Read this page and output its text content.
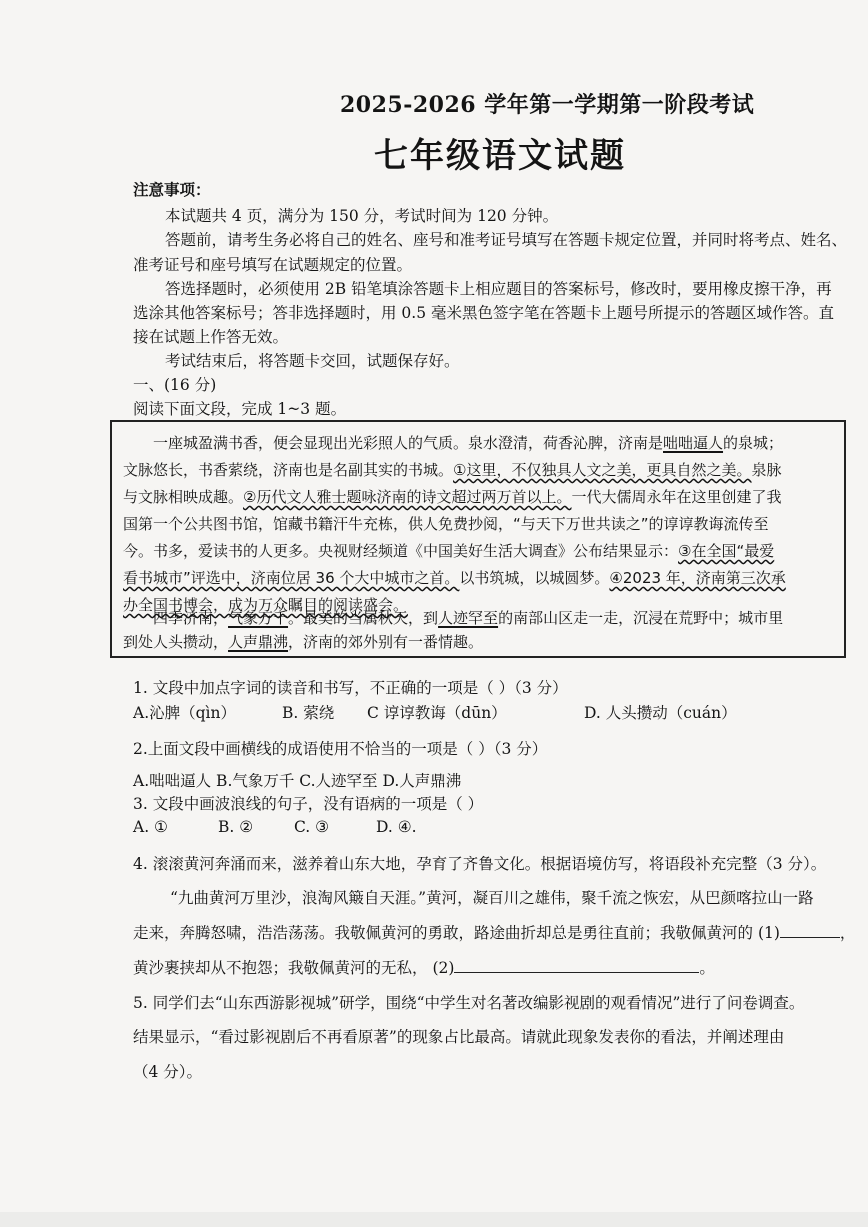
2025-2026 学年第一学期第一阶段考试
七年级语文试题
注意事项：
本试题共 4 页，满分为 150 分，考试时间为 120 分钟。
答题前，请考生务必将自己的姓名、座号和准考证号填写在答题卡规定位置，并同时将考点、姓名、
准考证号和座号填写在试题规定的位置。
答选择题时，必须使用 2B 铅笔填涂答题卡上相应题目的答案标号，修改时，要用橡皮擦干净，再
选涂其他答案标号；答非选择题时，用 0.5 毫米黑色签字笔在答题卡上题号所提示的答题区域作答。直
接在试题上作答无效。
考试结束后，将答题卡交回，试题保存好。
一、(16 分)
阅读下面文段，完成 1~3 题。
一座城盈满书香，便会显现出光彩照人的气质。泉水澄清，荷香沁脾，济南是咄咄逼人的泉城；
文脉悠长，书香萦绕，济南也是名副其实的书城。①这里，不仅独具人文之美，更具自然之美。泉脉
与文脉相映成趣。②历代文人雅士题咏济南的诗文超过两万首以上。一代大儒周永年在这里创建了我
国第一个公共图书馆，馆藏书籍汗牛充栋，供人免费抄阅，“与天下万世共读之”的谆谆教诲流传至
今。书多，爱读书的人更多。央视财经频道《中国美好生活大调查》公布结果显示：③在全国“最爱
看书城市”评选中，济南位居 36 个大中城市之首。以书筑城，以城圆梦。④2023 年，济南第三次承
办全国书博会，成为万众瞩目的阅读盛会。
四季济南，气象万千。最美的当属秋天，到人迹罕至的南部山区走一走，沉浸在荒野中；城市里
到处人头攒动，人声鼎沸，济南的郊外别有一番情趣。
1. 文段中加点字词的读音和书写，不正确的一项是（ ）（3 分）
A.沁脾（qìn）	B. 萦绕 C 谆谆教诲（dūn）	D. 人头攒动（cuán）
2.上面文段中画横线的成语使用不恰当的一项是（ ）（3 分）
A.咄咄逼人 B.气象万千 C.人迹罕至 D.人声鼎沸
3. 文段中画波浪线的句子，没有语病的一项是（ ）
A. ①	B. ②	C. ③	D. ④.
4. 滚滚黄河奔涌而来，滋养着山东大地，孕育了齐鲁文化。根据语境仿写，将语段补充完整（3 分）。
“九曲黄河万里沙，浪淘风簸自天涯。”黄河，凝百川之雄伟，聚千流之恢宏，从巴颜喀拉山一路
走来，奔腾怒啸，浩浩荡荡。我敬佩黄河的勇敢，路途曲折却总是勇往直前；我敬佩黄河的 (1)	，
黄沙裹挟却从不抱怨；我敬佩黄河的无私， (2)	。
5. 同学们去“山东西游影视城”研学，围绕“中学生对名著改编影视剧的观看情况”进行了问卷调查。
结果显示，“看过影视剧后不再看原著”的现象占比最高。请就此现象发表你的看法，并阐述理由
（4 分）。
